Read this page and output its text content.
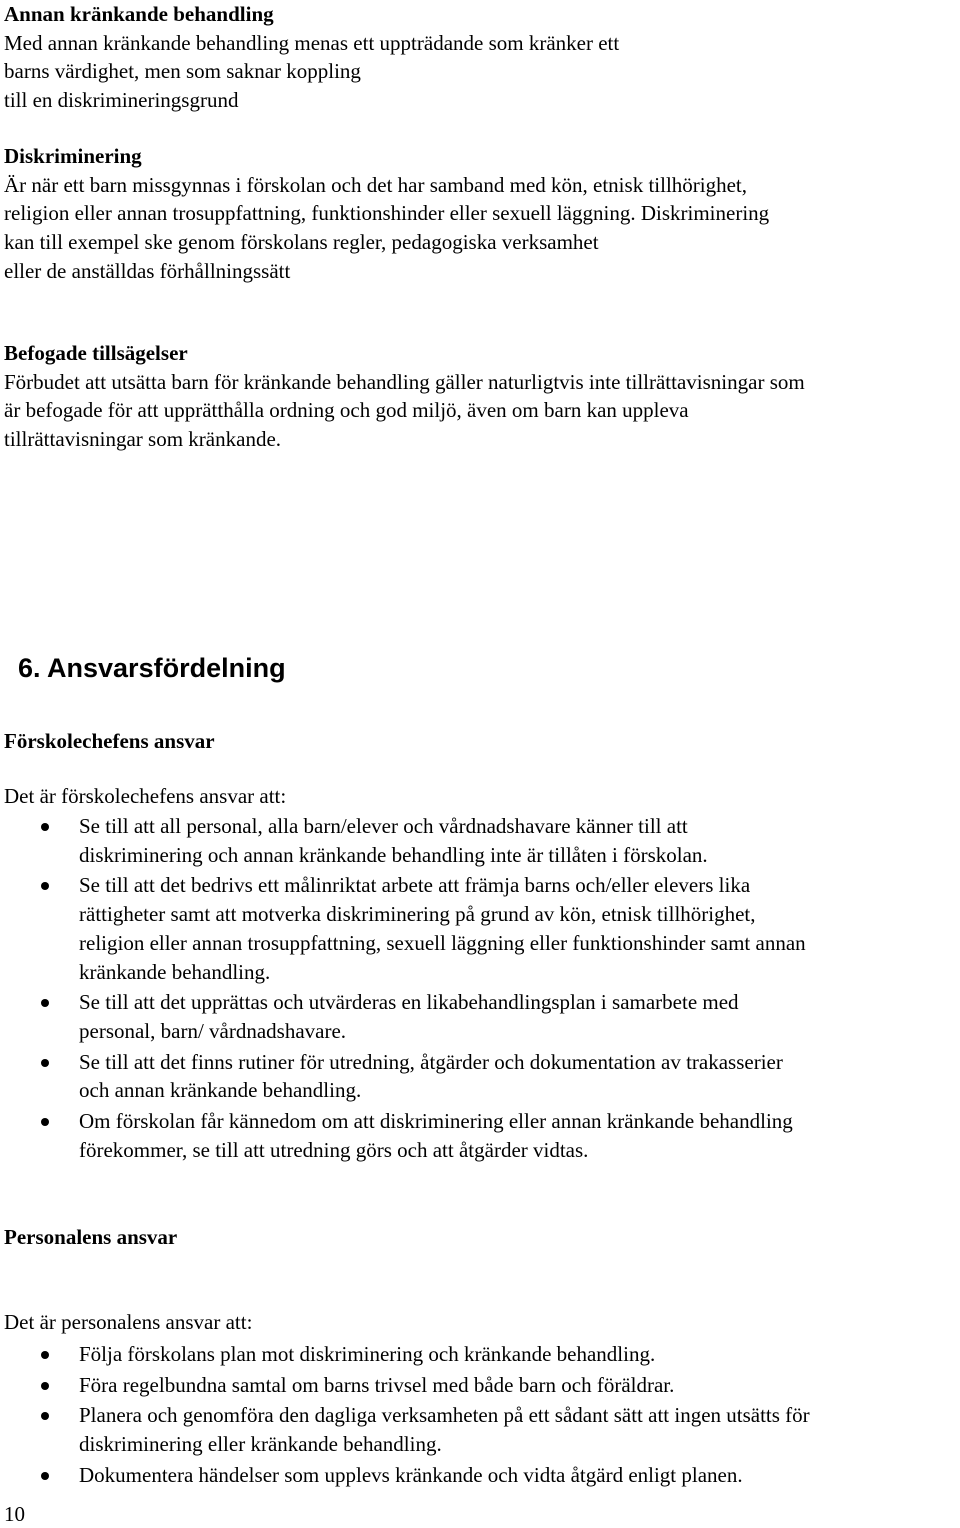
Annan kränkande behandling
Med annan kränkande behandling menas ett uppträdande som kränker ett
barns värdighet, men som saknar koppling
till en diskrimineringsgrund
Diskriminering
Är när ett barn missgynnas i förskolan och det har samband med kön, etnisk tillhörighet,
religion eller annan trosuppfattning, funktionshinder eller sexuell läggning. Diskriminering
kan till exempel ske genom förskolans regler, pedagogiska verksamhet
eller de anställdas förhållningssätt
Befogade tillsägelser
Förbudet att utsätta barn för kränkande behandling gäller naturligtvis inte tillrättavisningar som
är befogade för att upprätthålla ordning och god miljö, även om barn kan uppleva
tillrättavisningar som kränkande.
6. Ansvarsfördelning
Förskolechefens ansvar
Det är förskolechefens ansvar att:
Se till att all personal, alla barn/elever och vårdnadshavare känner till att
diskriminering och annan kränkande behandling inte är tillåten i förskolan.
Se till att det bedrivs ett målinriktat arbete att främja barns och/eller elevers lika
rättigheter samt att motverka diskriminering på grund av kön, etnisk tillhörighet,
religion eller annan trosuppfattning, sexuell läggning eller funktionshinder samt annan
kränkande behandling.
Se till att det upprättas och utvärderas en likabehandlingsplan i samarbete med
personal, barn/ vårdnadshavare.
Se till att det finns rutiner för utredning, åtgärder och dokumentation av trakasserier
och annan kränkande behandling.
Om förskolan får kännedom om att diskriminering eller annan kränkande behandling
förekommer, se till att utredning görs och att åtgärder vidtas.
Personalens ansvar
Det är personalens ansvar att:
Följa förskolans plan mot diskriminering och kränkande behandling.
Föra regelbundna samtal om barns trivsel med både barn och föräldrar.
Planera och genomföra den dagliga verksamheten på ett sådant sätt att ingen utsätts för
diskriminering eller kränkande behandling.
Dokumentera händelser som upplevs kränkande och vidta åtgärd enligt planen.
10
